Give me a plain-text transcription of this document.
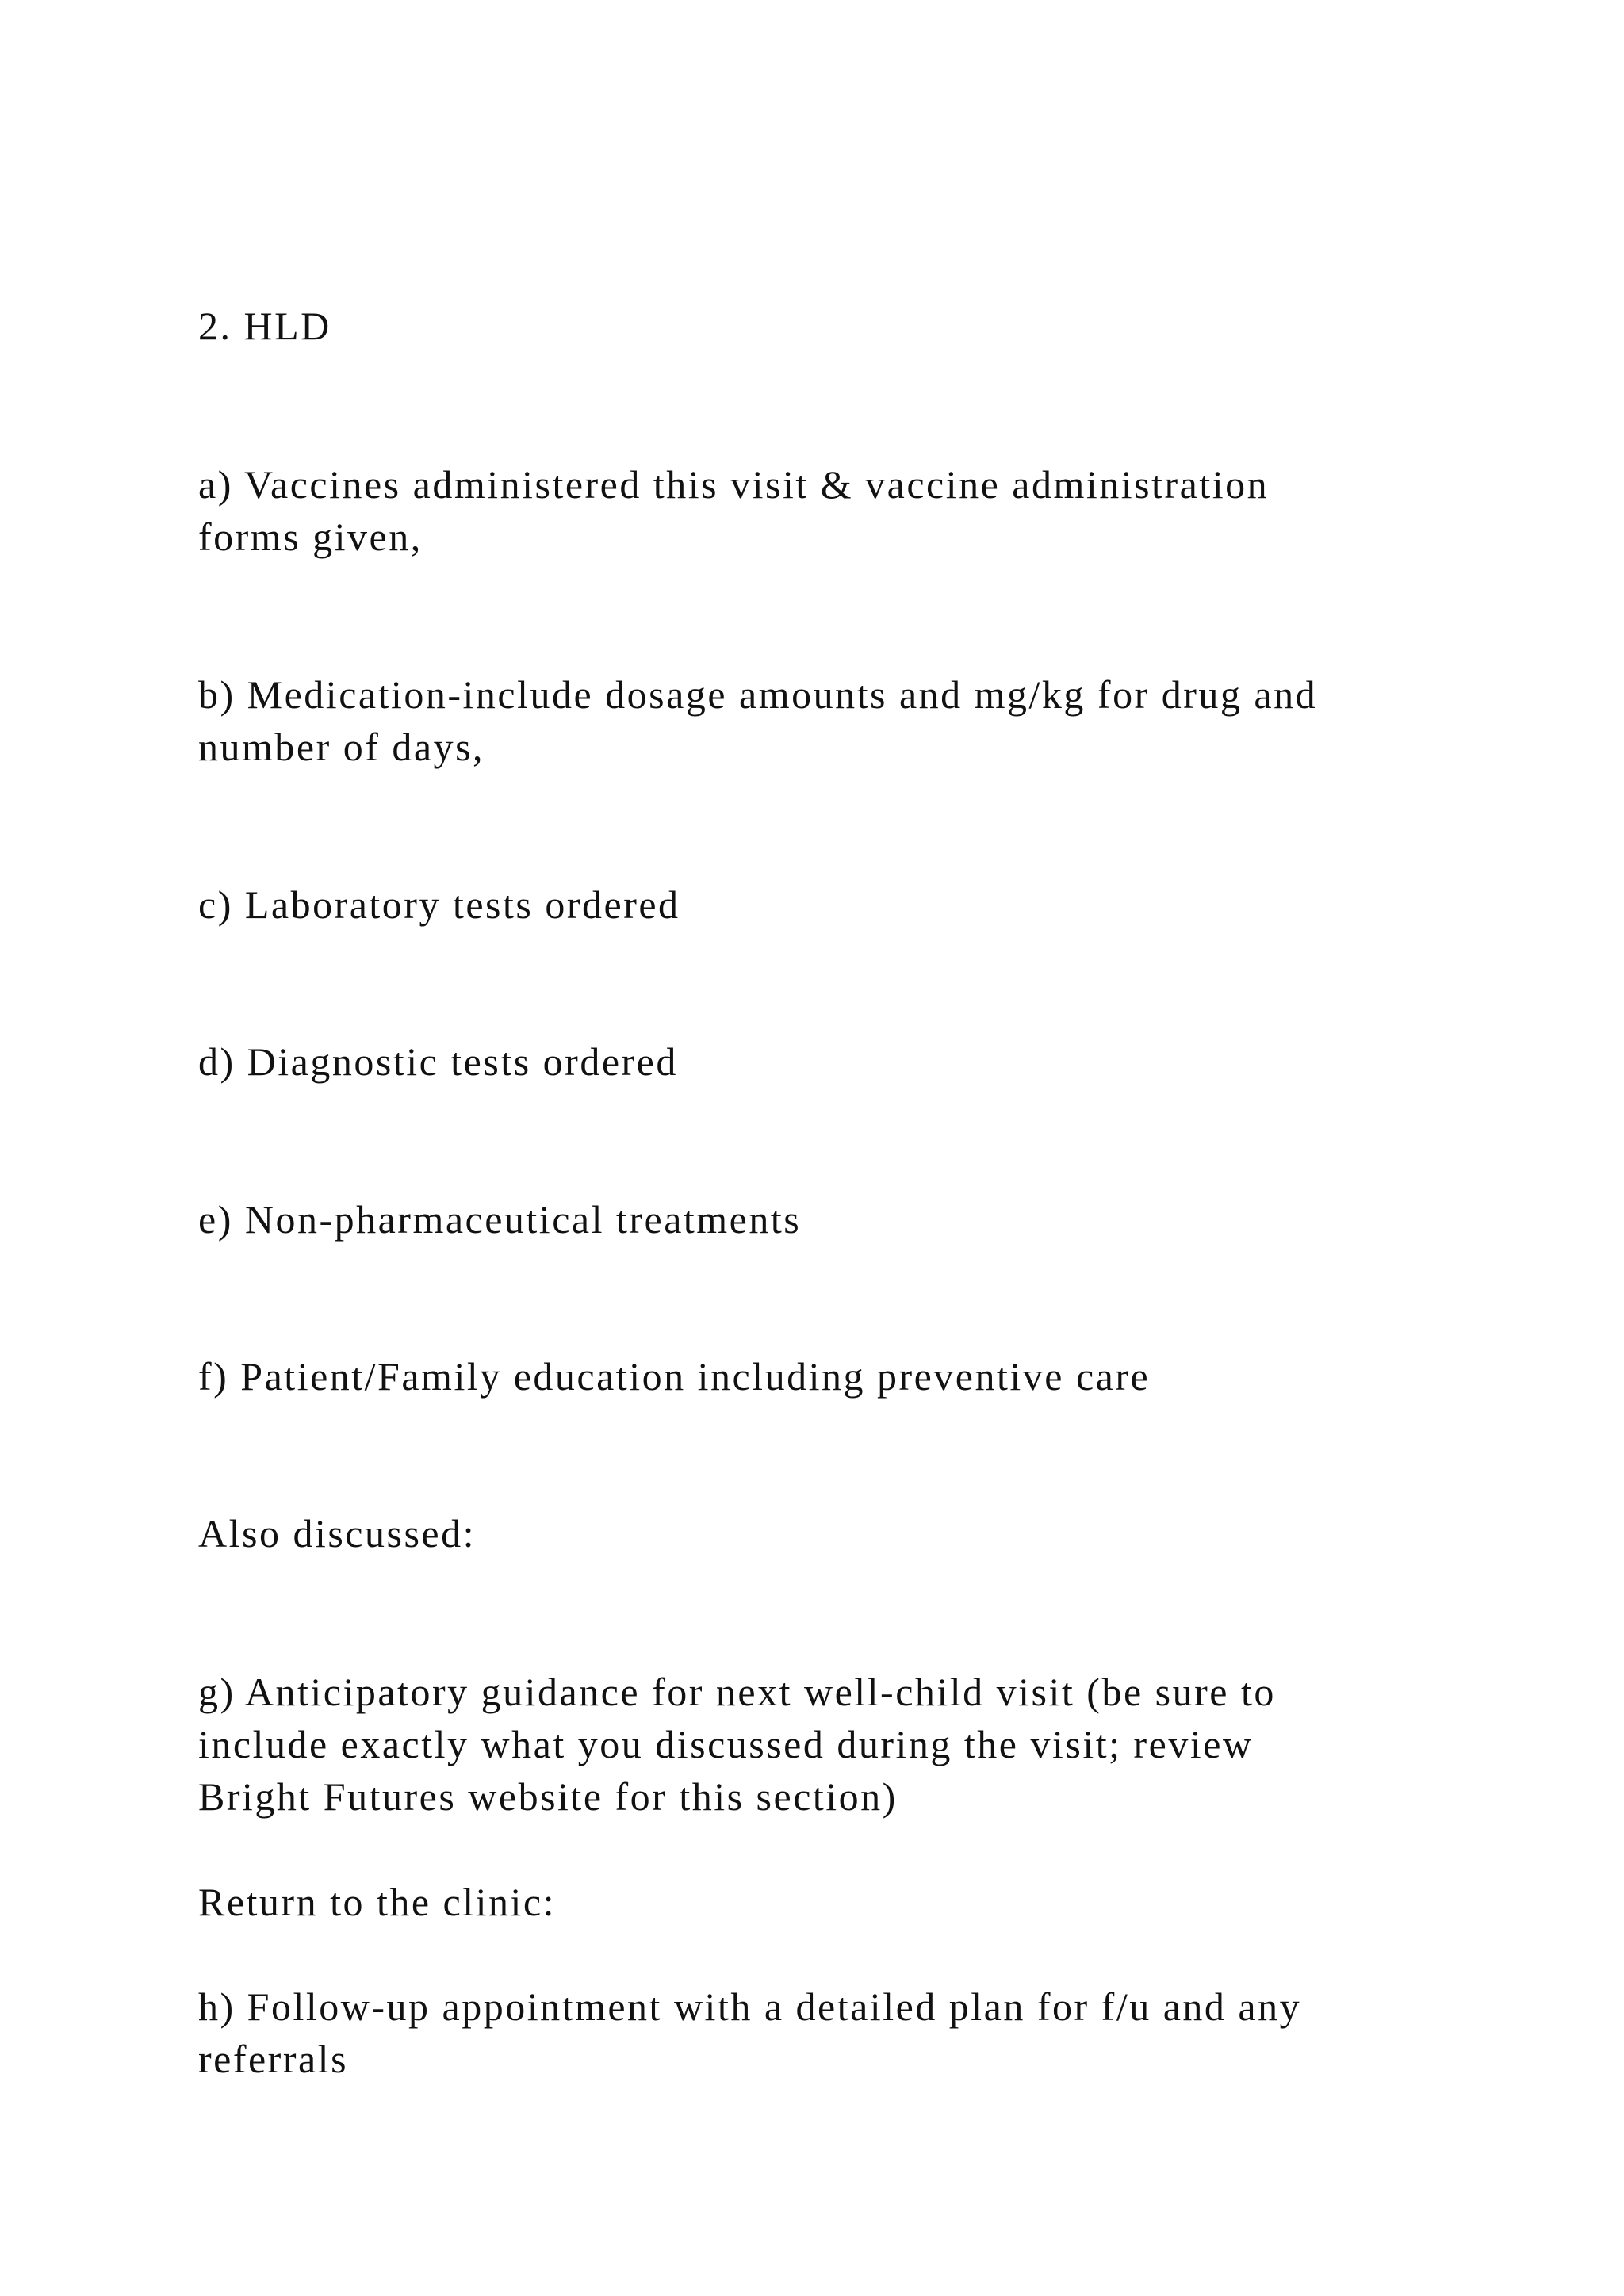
2. HLD

a) Vaccines administered this visit & vaccine administration

forms given,

b) Medication-include dosage amounts and mg/kg for drug and

number of days,

c) Laboratory tests ordered

d) Diagnostic tests ordered

e) Non-pharmaceutical treatments

f) Patient/Family education including preventive care

Also discussed:

g) Anticipatory guidance for next well-child visit (be sure to

include exactly what you discussed during the visit; review

Bright Futures website for this section)

Return to the clinic:

h) Follow-up appointment with a detailed plan for f/u and any

referrals
